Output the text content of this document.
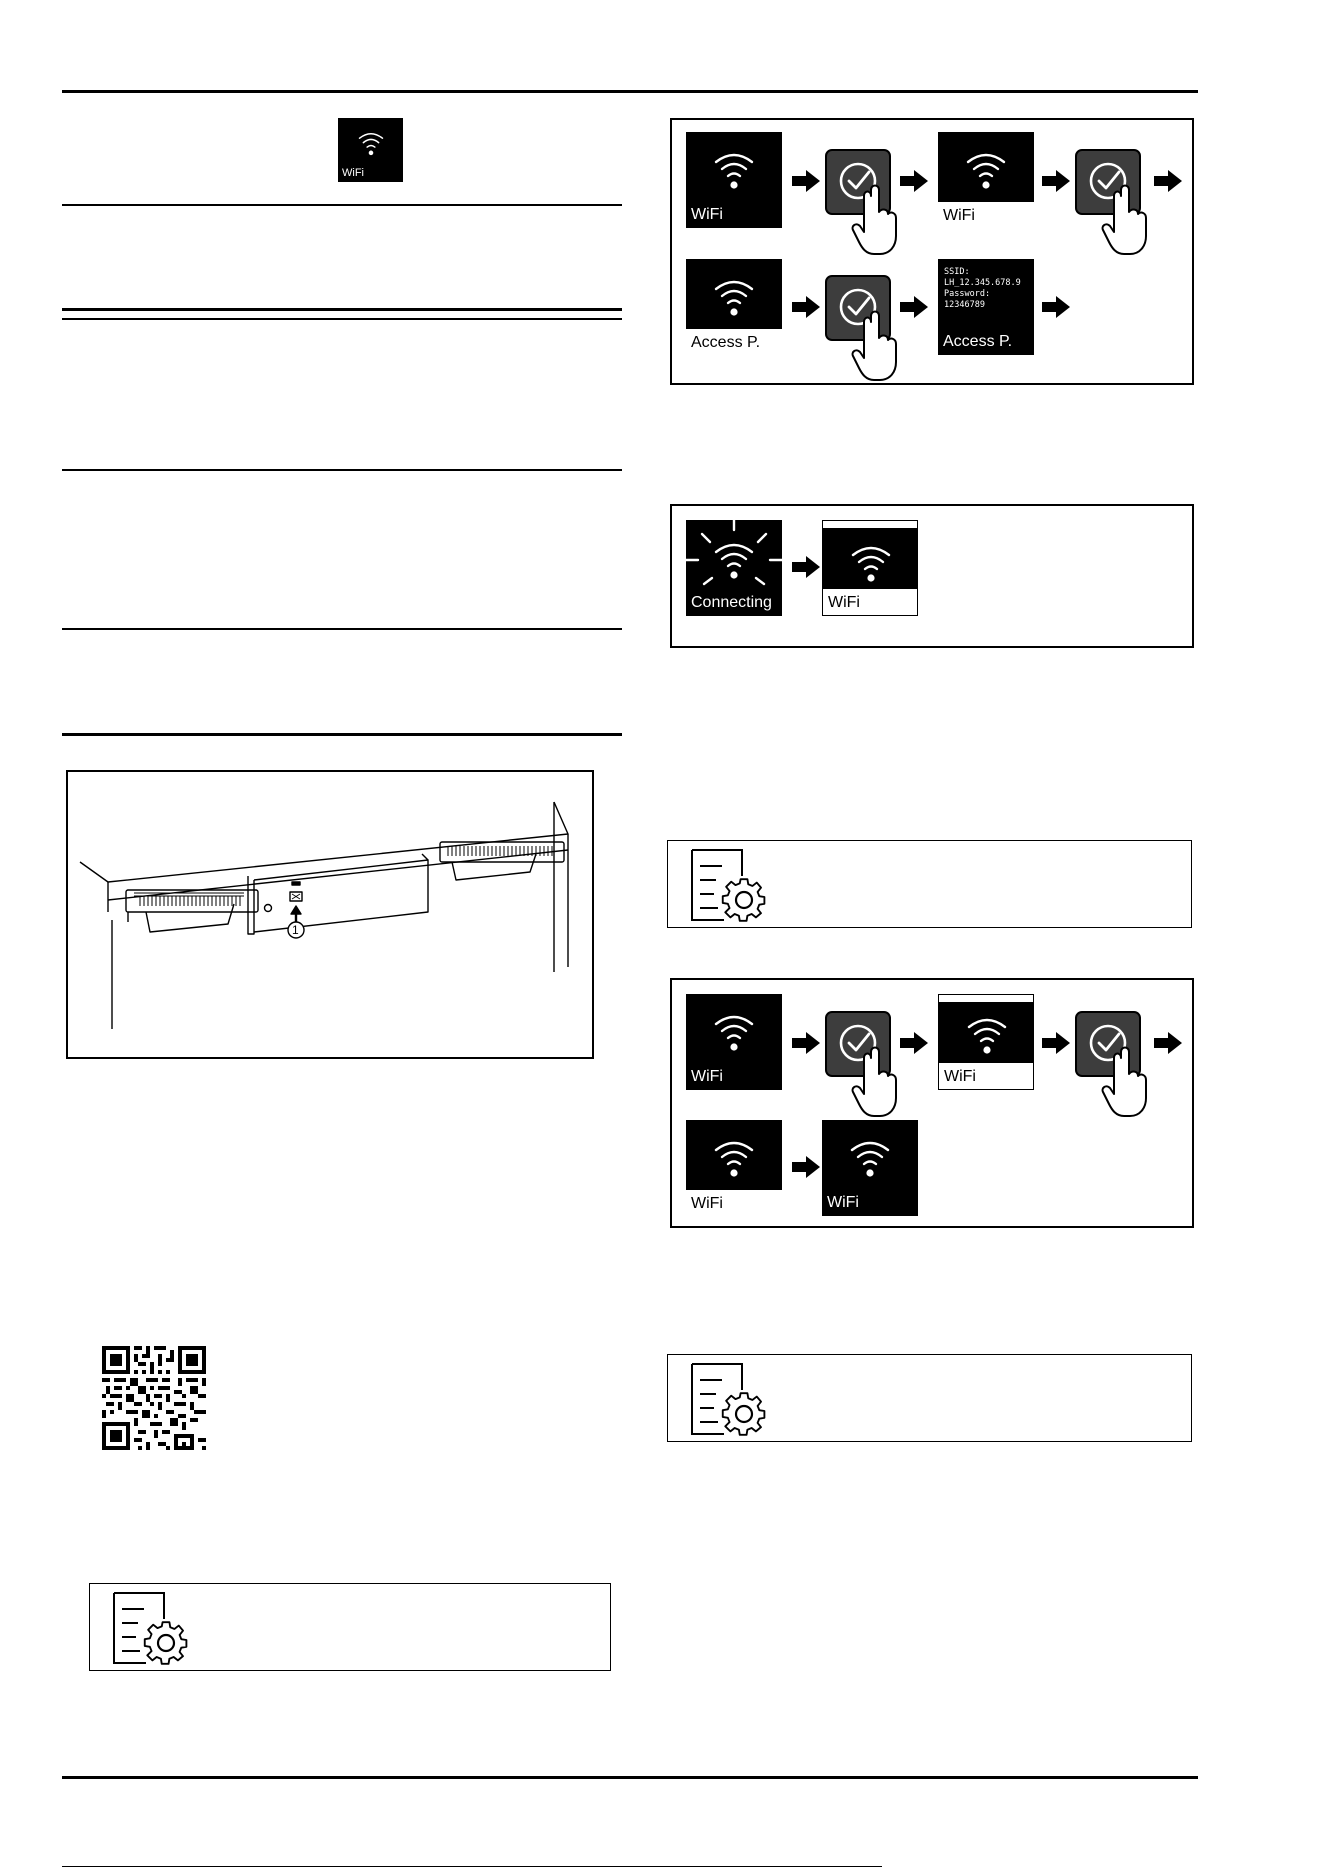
WiFi
1
WiFi	WiFi
Access P.
SSID:
LH_12.345.678.9
Password:
12346789
Access P.
Connecting	WiFi
WiFi	WiFi
WiFi	WiFi
